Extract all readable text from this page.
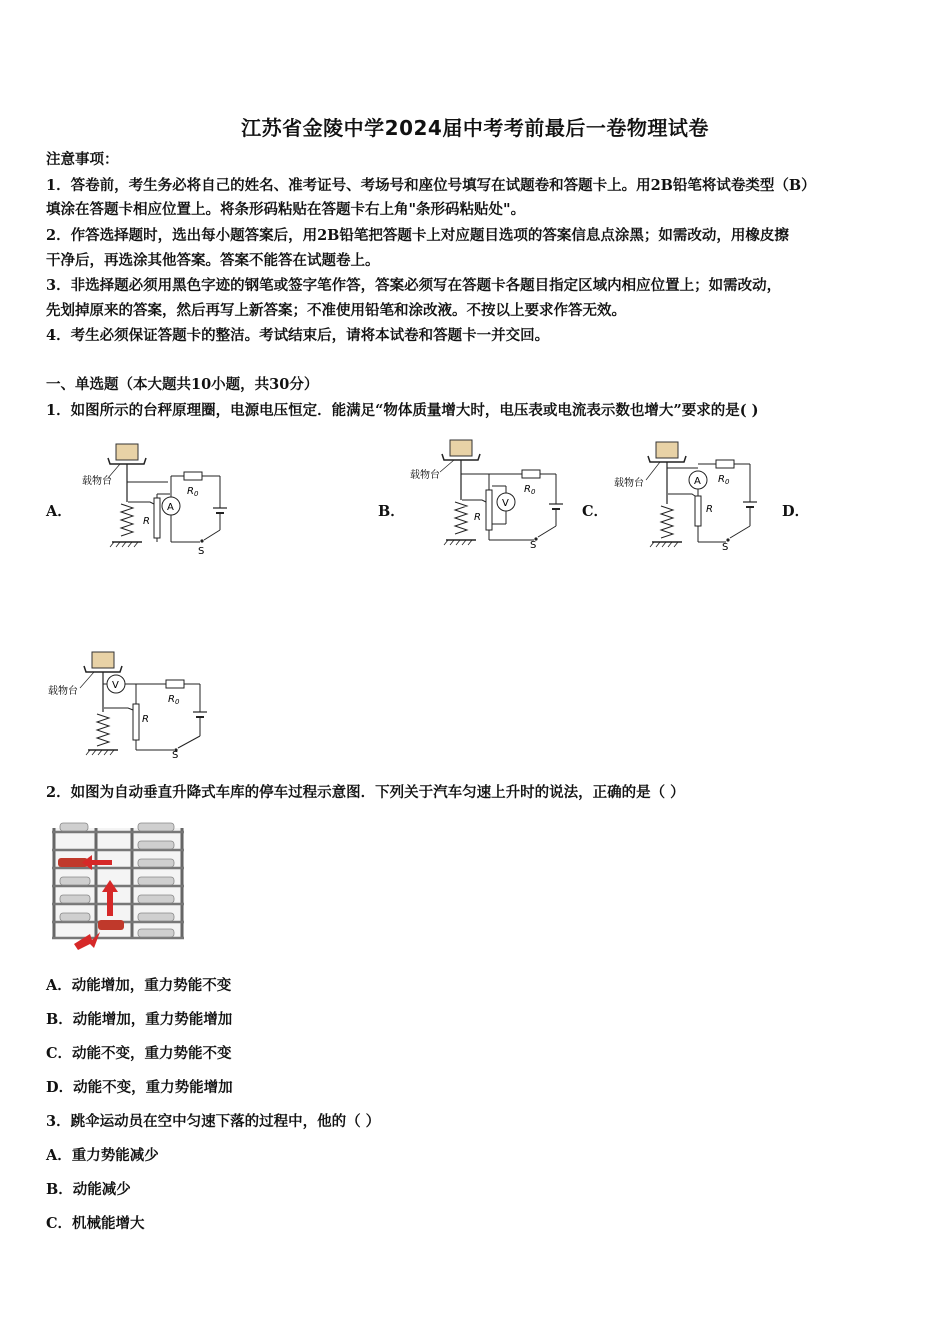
江苏省金陵中学2024届中考考前最后一卷物理试卷
注意事项：
1．答卷前，考生务必将自己的姓名、准考证号、考场号和座位号填写在试题卷和答题卡上。用2B铅笔将试卷类型（B）
填涂在答题卡相应位置上。将条形码粘贴在答题卡右上角"条形码粘贴处"。
2．作答选择题时，选出每小题答案后，用2B铅笔把答题卡上对应题目选项的答案信息点涂黑；如需改动，用橡皮擦
干净后，再选涂其他答案。答案不能答在试题卷上。
3．非选择题必须用黑色字迹的钢笔或签字笔作答，答案必须写在答题卡各题目指定区域内相应位置上；如需改动，
先划掉原来的答案，然后再写上新答案；不准使用铅笔和涂改液。不按以上要求作答无效。
4．考生必须保证答题卡的整洁。考试结束后，请将本试卷和答题卡一并交回。
一、单选题（本大题共10小题，共30分）
1．如图所示的台秤原理圈，电源电压恒定．能满足“物体质量增大时，电压表或电流表示数也增大”要求的是( )
A．	B．	C．	D．
R
A
$R_0$
S
载物台
R
V
$R_0$
S
载物台
A
R
$R_0$
S
载物台
V
R
$R_0$
S
载物台
2．如图为自动垂直升降式车库的停车过程示意图．下列关于汽车匀速上升时的说法，正确的是（ ）
A．动能增加，重力势能不变
B．动能增加，重力势能增加
C．动能不变，重力势能不变
D．动能不变，重力势能增加
3．跳伞运动员在空中匀速下落的过程中，他的（ ）
A．重力势能减少
B．动能减少
C．机械能增大
